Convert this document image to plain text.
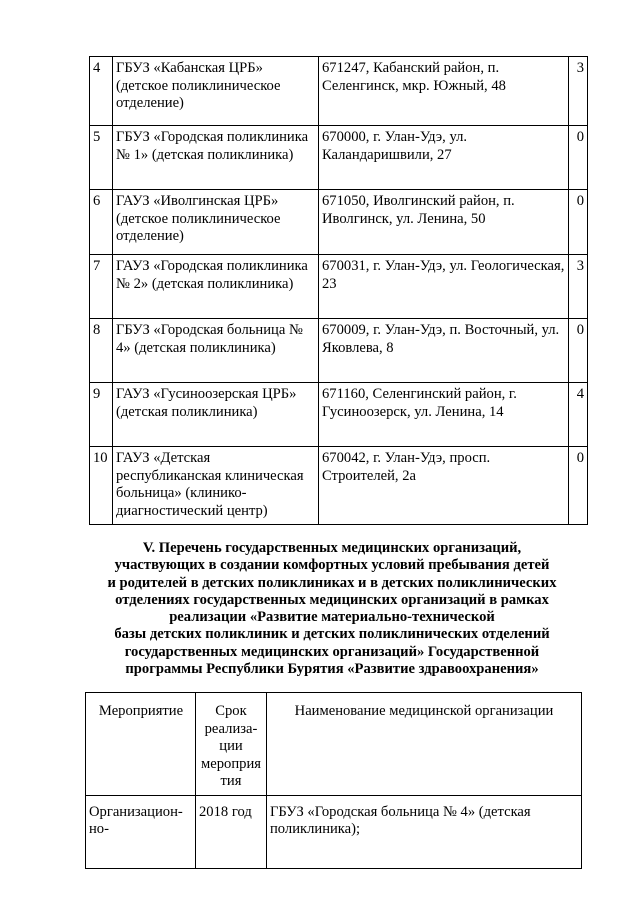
4	ГБУЗ «Кабанская ЦРБ» (детское поликлиническое отделение)	671247, Кабанский район, п. Селенгинск, мкр. Южный, 48	3
5	ГБУЗ «Городская поликлиника № 1» (детская поликлиника)	670000, г. Улан-Удэ, ул. Каландаришвили, 27	0
6	ГАУЗ «Иволгинская ЦРБ» (детское поликлиническое отделение)	671050, Иволгинский район, п. Иволгинск, ул. Ленина, 50	0
7	ГАУЗ «Городская поликлиника № 2» (детская поликлиника)	670031, г. Улан-Удэ, ул. Геологическая, 23	3
8	ГБУЗ «Городская больница № 4» (детская поликлиника)	670009, г. Улан-Удэ, п. Восточный, ул. Яковлева, 8	0
9	ГАУЗ «Гусиноозерская ЦРБ» (детская поликлиника)	671160, Селенгинский район, г. Гусиноозерск, ул. Ленина, 14	4
10	ГАУЗ «Детская республиканская клиническая больница» (клинико-диагностический центр)	670042, г. Улан-Удэ, просп. Строителей, 2а	0
V. Перечень государственных медицинских организаций,
участвующих в создании комфортных условий пребывания детей
и родителей в детских поликлиниках и в детских поликлинических
отделениях государственных медицинских организаций в рамках
реализации «Развитие материально-технической
базы детских поликлиник и детских поликлинических отделений
государственных медицинских организаций» Государственной
программы Республики Бурятия «Развитие здравоохранения»
Мероприятие	Срок реализа-ции мероприя тия	Наименование медицинской организации
Организацион-но-	2018 год	ГБУЗ «Городская больница № 4» (детская поликлиника);
